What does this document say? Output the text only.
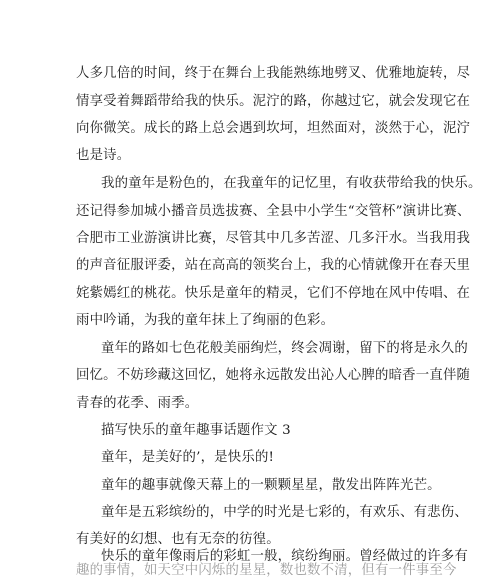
人多几倍的时间，终于在舞台上我能熟练地劈叉、优雅地旋转，尽
情享受着舞蹈带给我的快乐。泥泞的路，你越过它，就会发现它在
向你微笑。成长的路上总会遇到坎坷，坦然面对，淡然于心，泥泞
也是诗。
我的童年是粉色的，在我童年的记忆里，有收获带给我的快乐。
还记得参加城小播音员选拔赛、全县中小学生“交管杯”演讲比赛、
合肥市工业游演讲比赛，尽管其中几多苦涩、几多汗水。当我用我
的声音征服评委，站在高高的领奖台上，我的心情就像开在春天里
姹紫嫣红的桃花。快乐是童年的精灵，它们不停地在风中传唱、在
雨中吟诵，为我的童年抹上了绚丽的色彩。
童年的路如七色花般美丽绚烂，终会凋谢，留下的将是永久的
回忆。不妨珍藏这回忆，她将永远散发出沁人心脾的暗香一直伴随
青春的花季、雨季。
描写快乐的童年趣事话题作文 3
童年，是美好的’，是快乐的!
童年的趣事就像天幕上的一颗颗星星，散发出阵阵光芒。
童年是五彩缤纷的，中学的时光是七彩的，有欢乐、有悲伤、
有美好的幻想、也有无奈的彷徨。
快乐的童年像雨后的彩虹一般，缤纷绚丽。曾经做过的许多有
趣的事情，如天空中闪烁的星星，数也数不清，但有一件事至今
